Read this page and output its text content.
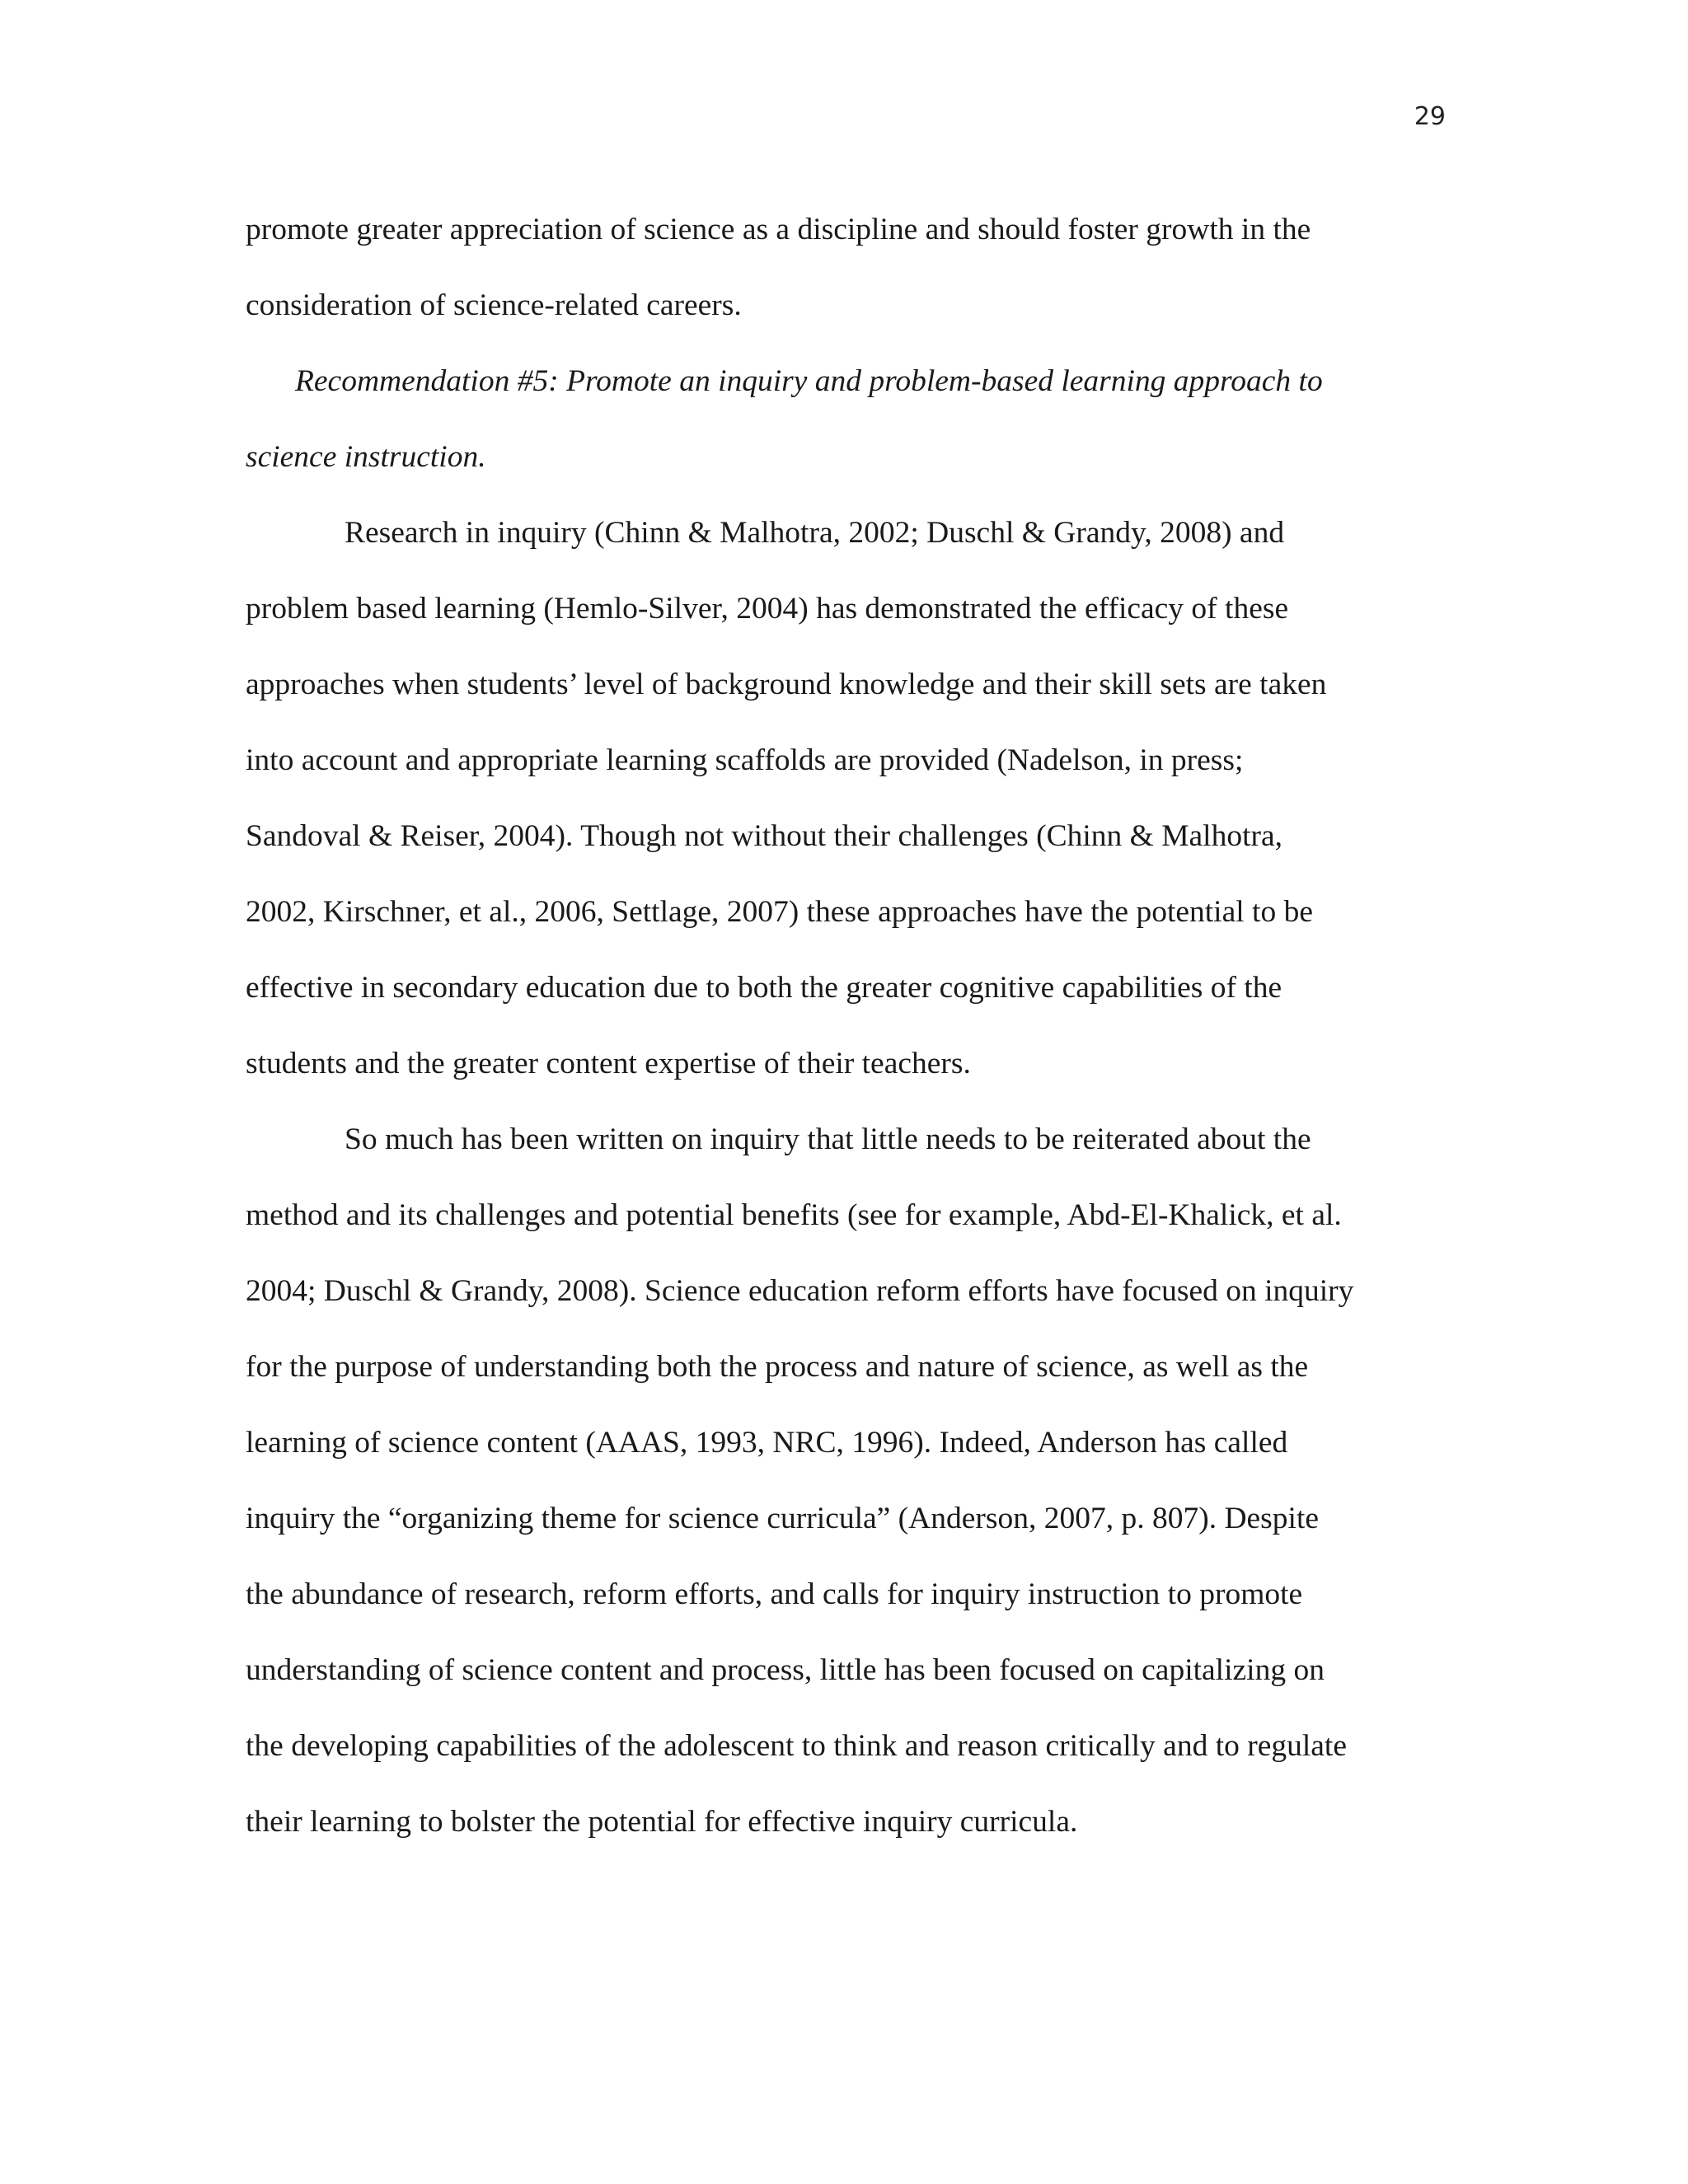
29
promote greater appreciation of science as a discipline and should foster growth in the
consideration of science-related careers.
Recommendation #5: Promote an inquiry and problem-based learning approach to
science instruction.
Research in inquiry (Chinn & Malhotra, 2002; Duschl & Grandy, 2008) and
problem based learning (Hemlo-Silver, 2004) has demonstrated the efficacy of these
approaches when students’ level of background knowledge and their skill sets are taken
into account and appropriate learning scaffolds are provided (Nadelson, in press;
Sandoval & Reiser, 2004). Though not without their challenges (Chinn & Malhotra,
2002, Kirschner, et al., 2006, Settlage, 2007) these approaches have the potential to be
effective in secondary education due to both the greater cognitive capabilities of the
students and the greater content expertise of their teachers.
So much has been written on inquiry that little needs to be reiterated about the
method and its challenges and potential benefits (see for example, Abd-El-Khalick, et al.
2004; Duschl & Grandy, 2008). Science education reform efforts have focused on inquiry
for the purpose of understanding both the process and nature of science, as well as the
learning of science content (AAAS, 1993, NRC, 1996). Indeed, Anderson has called
inquiry the “organizing theme for science curricula” (Anderson, 2007, p. 807). Despite
the abundance of research, reform efforts, and calls for inquiry instruction to promote
understanding of science content and process, little has been focused on capitalizing on
the developing capabilities of the adolescent to think and reason critically and to regulate
their learning to bolster the potential for effective inquiry curricula.
